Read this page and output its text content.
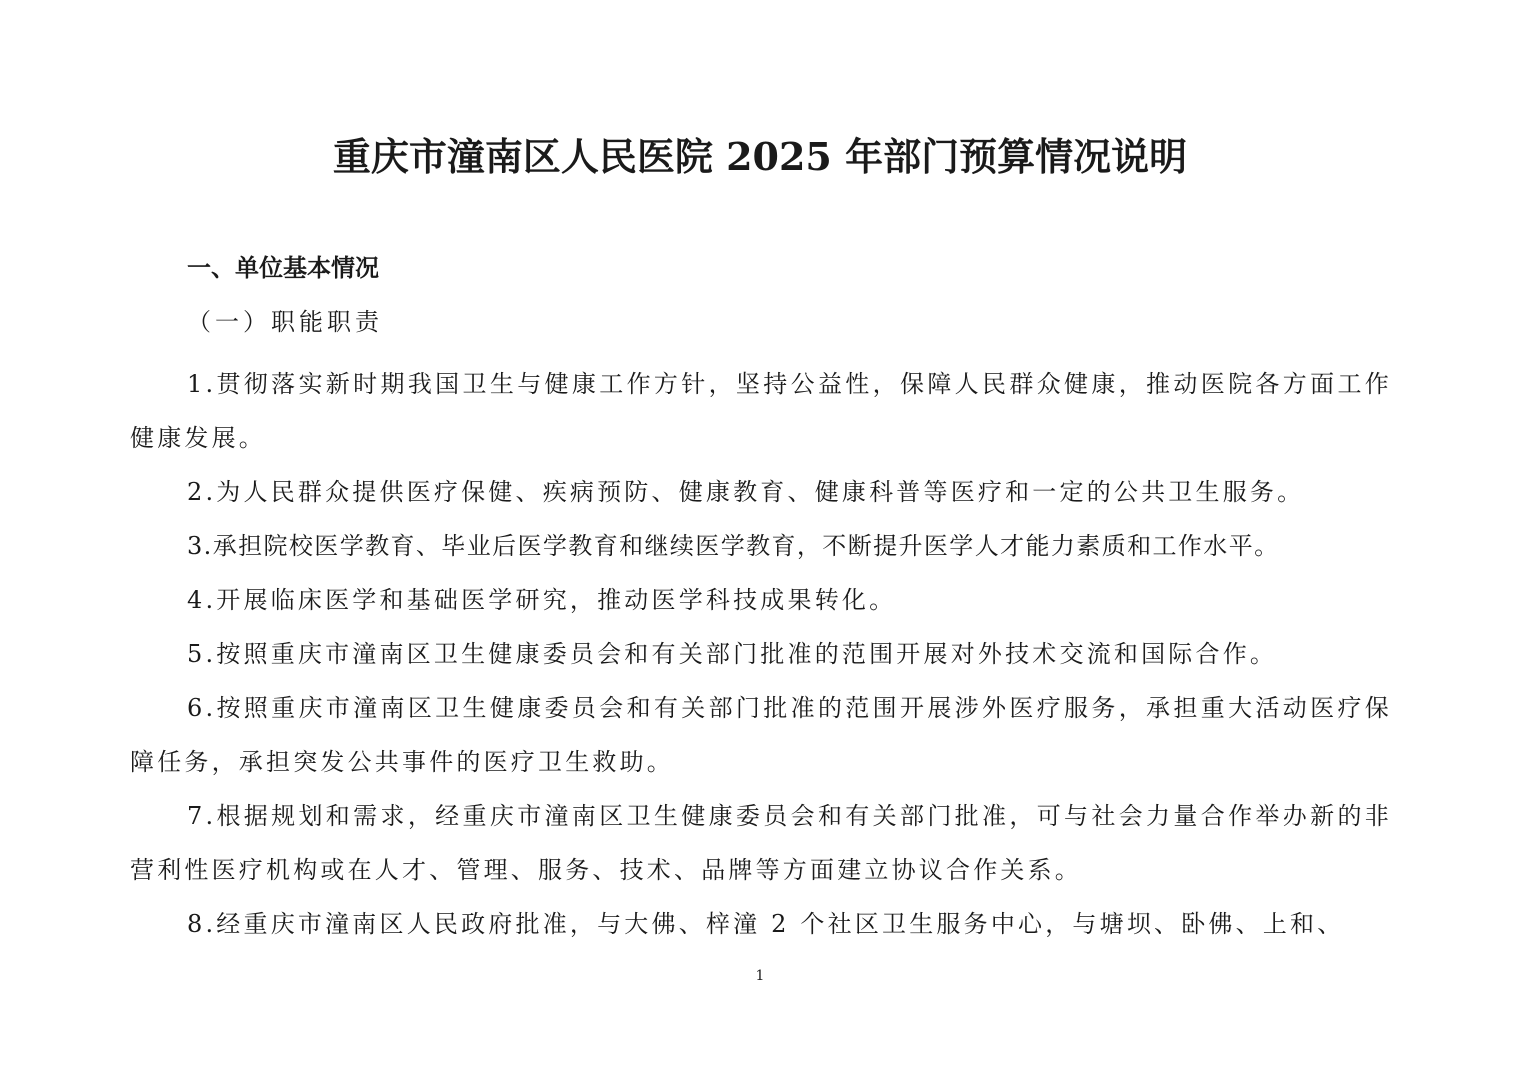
重庆市潼南区人民医院 2025 年部门预算情况说明
一、单位基本情况
（一）职能职责

1.贯彻落实新时期我国卫生与健康工作方针，坚持公益性，保障人民群众健康，推动医院各方面工作健康发展。

2.为人民群众提供医疗保健、疾病预防、健康教育、健康科普等医疗和一定的公共卫生服务。

3.承担院校医学教育、毕业后医学教育和继续医学教育，不断提升医学人才能力素质和工作水平。

4.开展临床医学和基础医学研究，推动医学科技成果转化。

5.按照重庆市潼南区卫生健康委员会和有关部门批准的范围开展对外技术交流和国际合作。

6.按照重庆市潼南区卫生健康委员会和有关部门批准的范围开展涉外医疗服务，承担重大活动医疗保障任务，承担突发公共事件的医疗卫生救助。

7.根据规划和需求，经重庆市潼南区卫生健康委员会和有关部门批准，可与社会力量合作举办新的非营利性医疗机构或在人才、管理、服务、技术、品牌等方面建立协议合作关系。

8.经重庆市潼南区人民政府批准，与大佛、梓潼 2 个社区卫生服务中心，与塘坝、卧佛、上和、

1
